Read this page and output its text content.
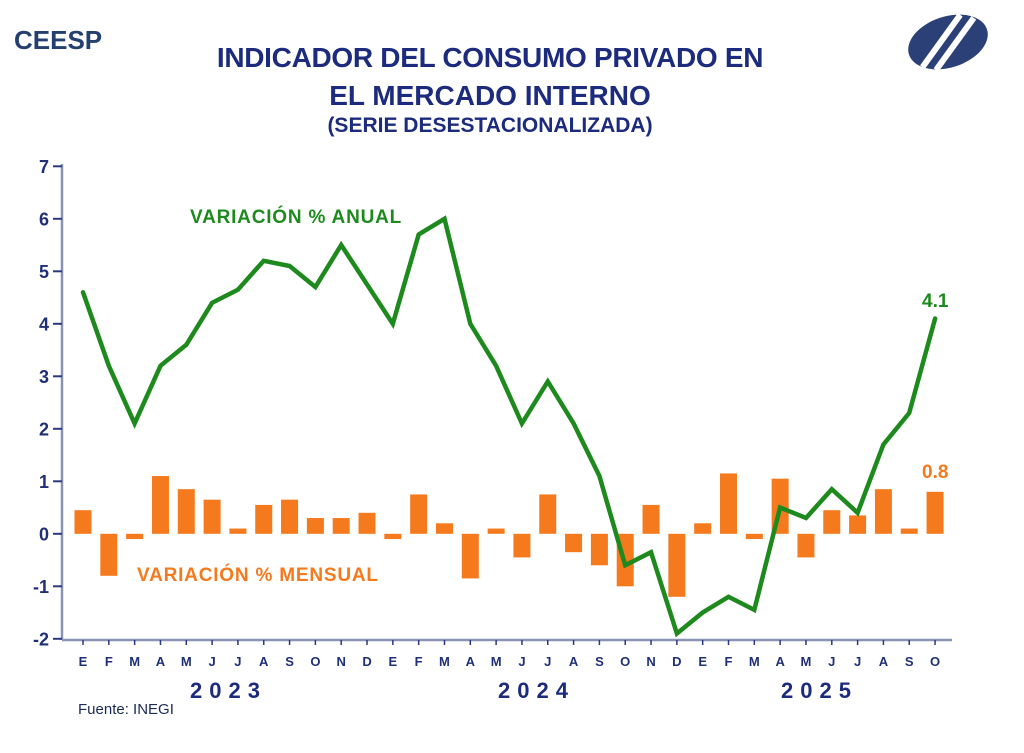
CEESP
INDICADOR DEL CONSUMO PRIVADO EN
EL MERCADO INTERNO
(SERIE DESESTACIONALIZADA)
7
6
5
4
3
2
1
0
-1
-2
E F M A M J J A S O N D E F M A M J J A S O N D E F M A M J J A S O
VARIACIÓN % ANUAL
VARIACIÓN % MENSUAL
4.1
0.8
2023	2024	2025
Fuente: INEGI
